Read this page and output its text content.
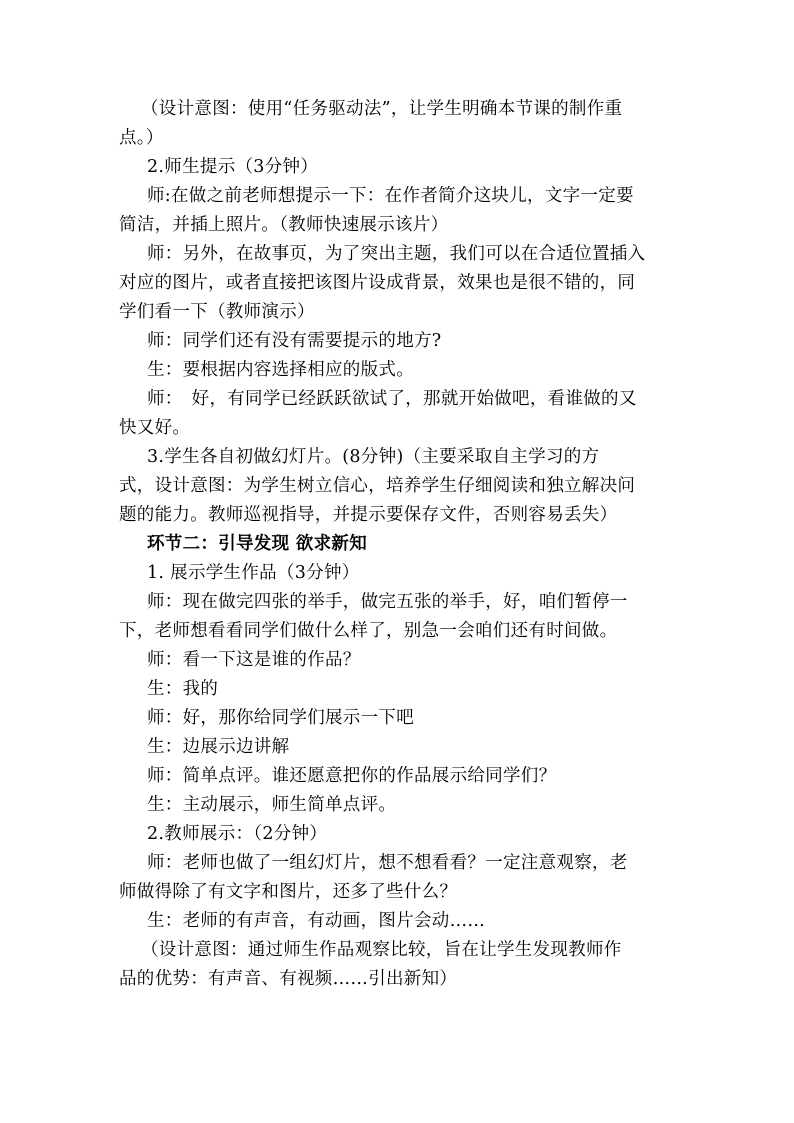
（设计意图：使用“任务驱动法”，让学生明确本节课的制作重
点。）
2.师生提示（3分钟）
师:在做之前老师想提示一下：在作者简介这块儿，文字一定要
简洁，并插上照片。（教师快速展示该片）
师：另外，在故事页，为了突出主题，我们可以在合适位置插入
对应的图片，或者直接把该图片设成背景，效果也是很不错的，同
学们看一下（教师演示）
师：同学们还有没有需要提示的地方?
生：要根据内容选择相应的版式。
师：　好，有同学已经跃跃欲试了，那就开始做吧，看谁做的又
快又好。
3.学生各自初做幻灯片。(8分钟)（主要采取自主学习的方
式，设计意图：为学生树立信心，培养学生仔细阅读和独立解决问
题的能力。教师巡视指导，并提示要保存文件，否则容易丢失）
环节二：引导发现 欲求新知
1. 展示学生作品（3分钟）
师：现在做完四张的举手，做完五张的举手，好，咱们暂停一
下，老师想看看同学们做什么样了，别急一会咱们还有时间做。
师：看一下这是谁的作品？
生：我的
师：好，那你给同学们展示一下吧
生：边展示边讲解
师：简单点评。谁还愿意把你的作品展示给同学们？
生：主动展示，师生简单点评。
2.教师展示：（2分钟）
师：老师也做了一组幻灯片，想不想看看？一定注意观察，老
师做得除了有文字和图片，还多了些什么？
生：老师的有声音，有动画，图片会动……
（设计意图：通过师生作品观察比较，旨在让学生发现教师作
品的优势：有声音、有视频……引出新知）
